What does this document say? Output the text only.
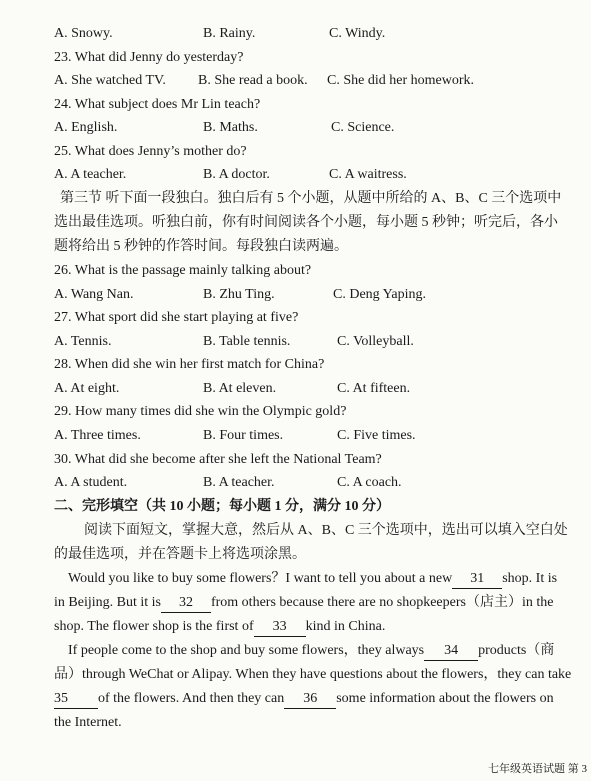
A. Snowy.	B. Rainy.	C. Windy.
23. What did Jenny do yesterday?
A. She watched TV. B. She read a book. C. She did her homework.
24. What subject does Mr Lin teach?
A. English.	B. Maths.	C. Science.
25. What does Jenny’s mother do?
A. A teacher.	B. A doctor.	C. A waitress.
第三节 听下面一段独白。独白后有 5 个小题，从题中所给的 A、B、C 三个选项中
选出最佳选项。听独白前，你有时间阅读各个小题，每小题 5 秒钟；听完后，各小
题将给出 5 秒钟的作答时间。每段独白读两遍。
26. What is the passage mainly talking about?
A. Wang Nan.	B. Zhu Ting.	C. Deng Yaping.
27. What sport did she start playing at five?
A. Tennis.	B. Table tennis.	C. Volleyball.
28. When did she win her first match for China?
A. At eight.	B. At eleven.	C. At fifteen.
29. How many times did she win the Olympic gold?
A. Three times.	B. Four times.	C. Five times.
30. What did she become after she left the National Team?
A. A student.	B. A teacher.	C. A coach.
二、完形填空（共 10 小题；每小题 1 分，满分 10 分）
阅读下面短文，掌握大意，然后从 A、B、C 三个选项中，选出可以填入空白处
的最佳选项，并在答题卡上将选项涂黑。
Would you like to buy some flowers？I want to tell you about a new 31 shop. It is
in Beijing. But it is 32 from others because there are no shopkeepers（店主）in the
shop. The flower shop is the first of 33 kind in China.
If people come to the shop and buy some flowers，they always 34 products（商
品）through WeChat or Alipay. When they have questions about the flowers，they can take
35 of the flowers. And then they can 36 some information about the flowers on
the Internet.
七年级英语试题 第 3
